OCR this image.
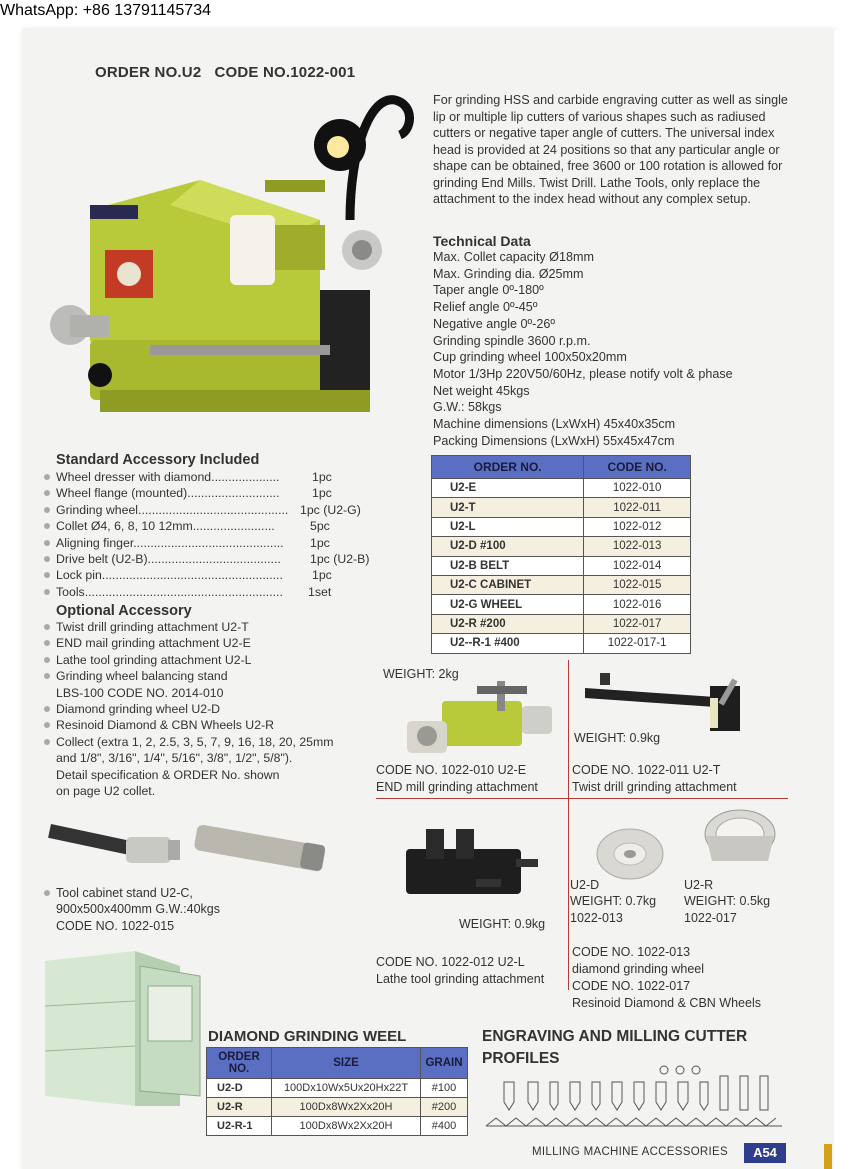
WhatsApp: +86 13791145734
ORDER NO.U2   CODE NO.1022-001
For grinding HSS and carbide engraving cutter as well as single lip or multiple lip cutters of various shapes such as radiused cutters or negative taper angle of cutters. The universal index head is provided at 24 positions so that any particular angle or shape can be obtained, free 3600 or 100 rotation is allowed for grinding End Mills. Twist Drill. Lathe Tools, only replace the attachment to the index head without any complex setup.
Technical Data
Max. Collet capacity Ø18mm
Max. Grinding dia. Ø25mm
Taper angle 0º-180º
Relief angle 0º-45º
Negative angle 0º-26º
Grinding spindle 3600 r.p.m.
Cup grinding wheel 100x50x20mm
Motor 1/3Hp 220V50/60Hz, please notify volt & phase
Net weight 45kgs
G.W.: 58kgs
Machine dimensions (LxWxH) 45x40x35cm
Packing Dimensions (LxWxH) 55x45x47cm
ORDER NO.	CODE NO.
U2-E	1022-010
U2-T	1022-011
U2-L	1022-012
U2-D #100	1022-013
U2-B BELT	1022-014
U2-C CABINET	1022-015
U2-G WHEEL	1022-016
U2-R #200	1022-017
U2--R-1 #400	1022-017-1
Standard Accessory Included
Wheel dresser with diamond....................	1pc
Wheel flange (mounted)...........................	1pc
Grinding wheel............................................ 1pc (U2-G)
Collet Ø4, 6, 8, 10 12mm........................	5pc
Aligning finger............................................ 1pc
Drive belt (U2-B)....................................... 1pc (U2-B)
Lock pin..................................................... 1pc
Tools.......................................................... 1set
Optional Accessory
Twist drill grinding attachment U2-T
END mail grinding attachment U2-E
Lathe tool grinding attachment U2-L
Grinding wheel balancing stand
LBS-100 CODE NO. 2014-010
Diamond grinding wheel U2-D
Resinoid Diamond & CBN Wheels U2-R
Collect (extra 1, 2, 2.5, 3, 5, 7, 9, 16, 18, 20, 25mm
and 1/8", 3/16", 1/4", 5/16", 3/8", 1/2", 5/8").
Detail specification & ORDER No. shown
on page U2 collet.
WEIGHT: 2kg
CODE NO. 1022-010 U2-E
END mill grinding attachment
WEIGHT: 0.9kg
CODE NO. 1022-011 U2-T
Twist drill grinding attachment
WEIGHT: 0.9kg
CODE NO. 1022-012 U2-L
Lathe tool grinding attachment
U2-D
WEIGHT: 0.7kg
1022-013
U2-R
WEIGHT: 0.5kg
1022-017
CODE NO. 1022-013
diamond grinding wheel
CODE NO. 1022-017
Resinoid Diamond & CBN Wheels
Tool cabinet stand U2-C,
900x500x400mm G.W.:40kgs
CODE NO. 1022-015
DIAMOND GRINDING WEEL
ORDER NO.	SIZE	GRAIN
U2-D	100Dx10Wx5Ux20Hx22T	#100
U2-R	100Dx8Wx2Xx20H	#200
U2-R-1	100Dx8Wx2Xx20H	#400
ENGRAVING AND MILLING CUTTER
PROFILES
MILLING MACHINE ACCESSORIES	A54
